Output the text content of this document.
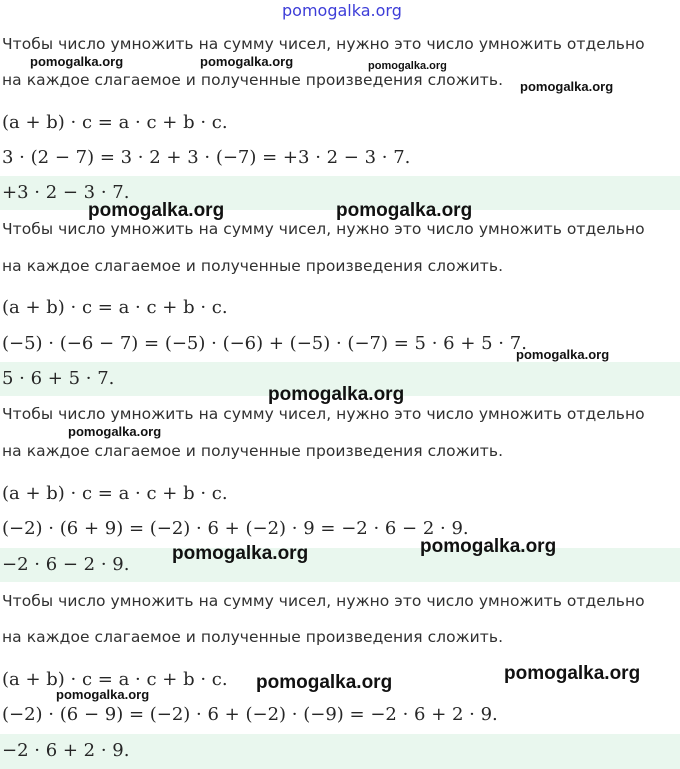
pomogalka.org
Чтобы число умножить на сумму чисел, нужно это число умножить отдельно
на каждое слагаемое и полученные произведения сложить.
(a + b) · c = a · c + b · c.
3 · (2 − 7) = 3 · 2 + 3 · (−7) = +3 · 2 − 3 · 7.
+3 · 2 − 3 · 7.
Чтобы число умножить на сумму чисел, нужно это число умножить отдельно
на каждое слагаемое и полученные произведения сложить.
(a + b) · c = a · c + b · c.
(−5) · (−6 − 7) = (−5) · (−6) + (−5) · (−7) = 5 · 6 + 5 · 7.
5 · 6 + 5 · 7.
Чтобы число умножить на сумму чисел, нужно это число умножить отдельно
на каждое слагаемое и полученные произведения сложить.
(a + b) · c = a · c + b · c.
(−2) · (6 + 9) = (−2) · 6 + (−2) · 9 = −2 · 6 − 2 · 9.
−2 · 6 − 2 · 9.
Чтобы число умножить на сумму чисел, нужно это число умножить отдельно
на каждое слагаемое и полученные произведения сложить.
(a + b) · c = a · c + b · c.
(−2) · (6 − 9) = (−2) · 6 + (−2) · (−9) = −2 · 6 + 2 · 9.
−2 · 6 + 2 · 9.
pomogalka.org	pomogalka.org	pomogalka.org
pomogalka.org
pomogalka.org	pomogalka.org
pomogalka.org
pomogalka.org
pomogalka.org
pomogalka.org
pomogalka.org
pomogalka.org
pomogalka.org
pomogalka.org
